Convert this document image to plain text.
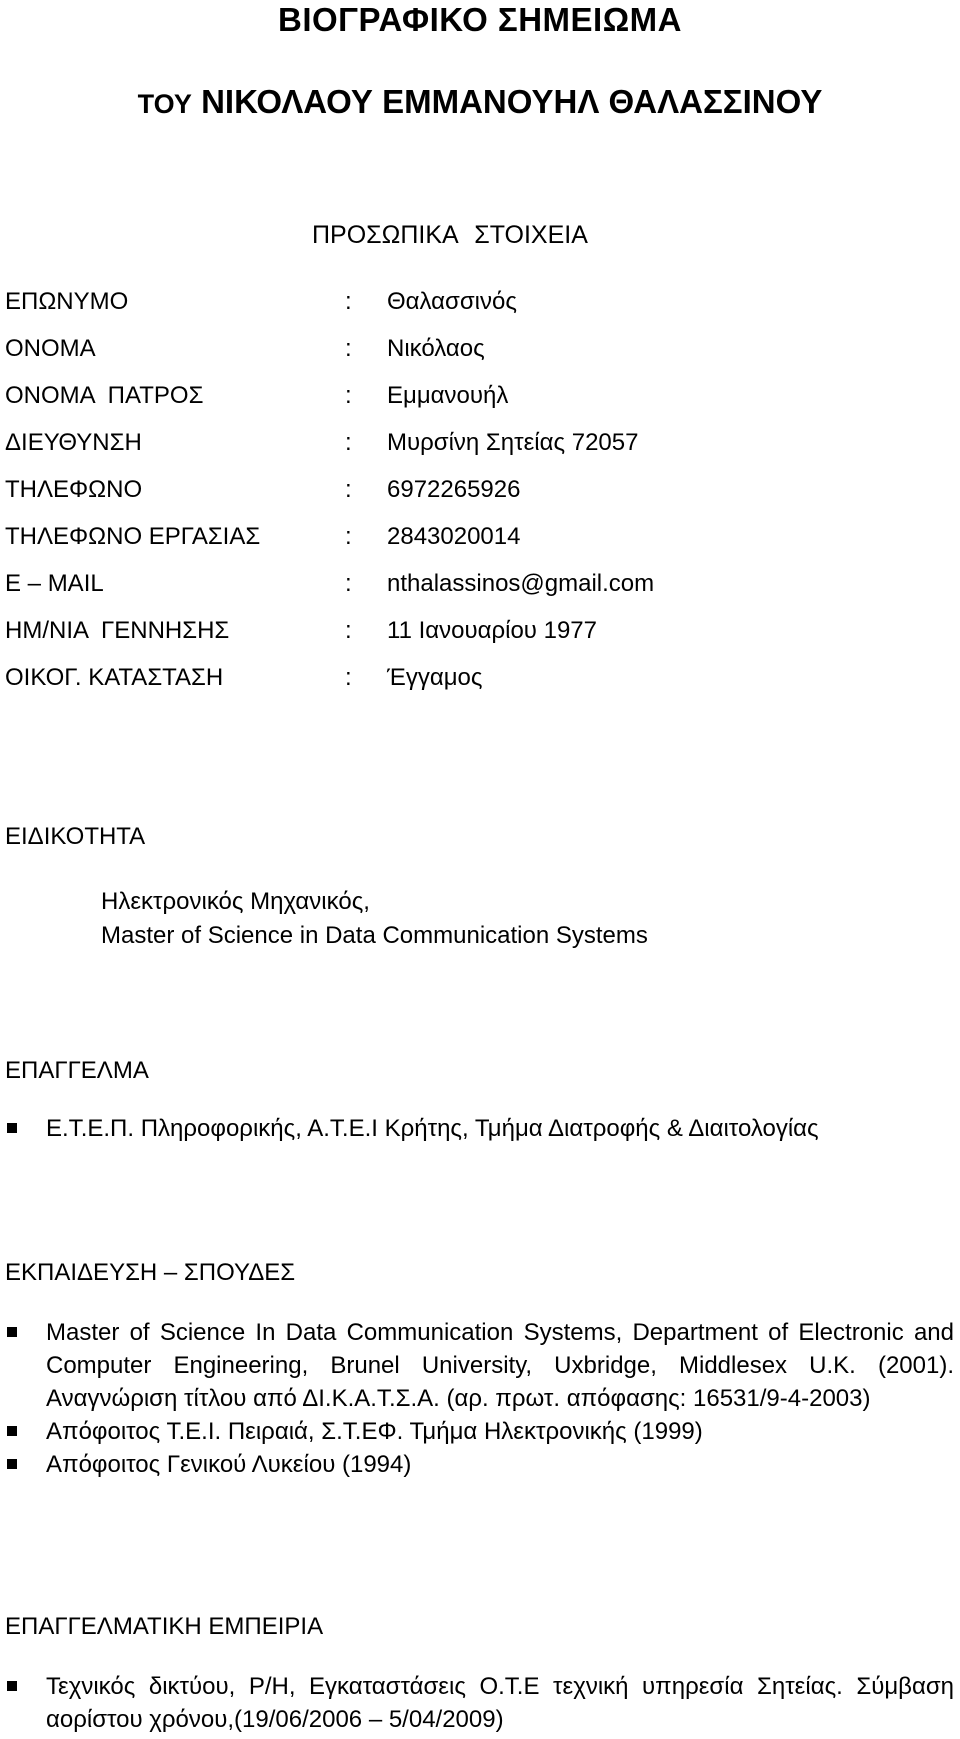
ΒΙΟΓΡΑΦΙΚΟ ΣΗΜΕΙΩΜΑ
ΤΟΥ ΝΙΚΟΛΑΟΥ ΕΜΜΑΝΟΥΗΛ ΘΑΛΑΣΣΙΝΟΥ
ΠΡΟΣΩΠΙΚΑ ΣΤΟΙΧΕΙΑ
ΕΠΩΝΥΜΟ	:	Θαλασσινός
ΟΝΟΜΑ	:	Νικόλαος
ΟΝΟΜΑ  ΠΑΤΡΟΣ	:	Εμμανουήλ
ΔΙΕΥΘΥΝΣΗ	:	Μυρσίνη Σητείας 72057
ΤΗΛΕΦΩΝΟ	:	6972265926
ΤΗΛΕΦΩΝΟ ΕΡΓΑΣΙΑΣ	:	2843020014
Ε – MAIL	:	nthalassinos@gmail.com
ΗΜ/ΝΙΑ  ΓΕΝΝΗΣΗΣ	:	11 Ιανουαρίου 1977
ΟΙΚΟΓ. ΚΑΤΑΣΤΑΣΗ	:	Έγγαμος
ΕΙΔΙΚΟΤΗΤΑ
Ηλεκτρονικός Μηχανικός,
Master of Science in Data Communication Systems
ΕΠΑΓΓΕΛΜΑ
Ε.Τ.Ε.Π. Πληροφορικής, Α.Τ.Ε.Ι Κρήτης, Τμήμα Διατροφής & Διαιτολογίας
ΕΚΠΑΙΔΕΥΣΗ – ΣΠΟΥΔΕΣ
Master of Science In Data Communication Systems, Department of Electronic and Computer Engineering, Brunel University, Uxbridge, Middlesex U.K. (2001). Αναγνώριση τίτλου από ΔΙ.Κ.Α.Τ.Σ.Α. (αρ. πρωτ. απόφασης: 16531/9-4-2003)
Απόφοιτος Τ.Ε.Ι. Πειραιά, Σ.Τ.ΕΦ. Τμήμα Ηλεκτρονικής (1999)
Απόφοιτος Γενικού Λυκείου (1994)
ΕΠΑΓΓΕΛΜΑΤΙΚΗ ΕΜΠΕΙΡΙΑ
Τεχνικός δικτύου, Ρ/Η, Εγκαταστάσεις Ο.Τ.Ε τεχνική υπηρεσία Σητείας. Σύμβαση αορίστου χρόνου,(19/06/2006 – 5/04/2009)
